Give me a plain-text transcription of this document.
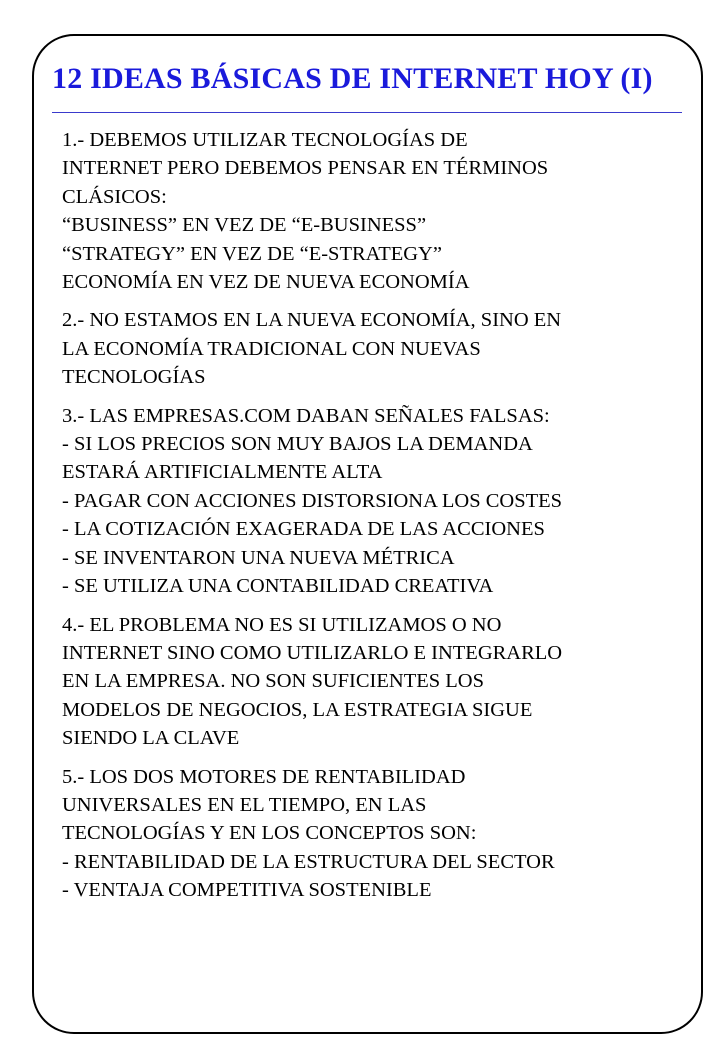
12 IDEAS BÁSICAS DE INTERNET HOY (I)
1.- DEBEMOS UTILIZAR TECNOLOGÍAS DE
INTERNET PERO DEBEMOS PENSAR EN TÉRMINOS
CLÁSICOS:
“BUSINESS” EN VEZ DE “E-BUSINESS”
“STRATEGY” EN VEZ DE “E-STRATEGY”
ECONOMÍA EN VEZ DE NUEVA ECONOMÍA
2.- NO ESTAMOS EN LA NUEVA ECONOMÍA, SINO EN
LA ECONOMÍA TRADICIONAL CON NUEVAS
TECNOLOGÍAS
3.- LAS EMPRESAS.COM DABAN SEÑALES FALSAS:
- SI LOS PRECIOS SON MUY BAJOS LA DEMANDA
ESTARÁ ARTIFICIALMENTE ALTA
- PAGAR CON ACCIONES DISTORSIONA LOS COSTES
- LA COTIZACIÓN EXAGERADA DE LAS ACCIONES
- SE INVENTARON UNA NUEVA MÉTRICA
- SE UTILIZA UNA CONTABILIDAD CREATIVA
4.- EL PROBLEMA NO ES SI UTILIZAMOS O NO
INTERNET SINO COMO UTILIZARLO E INTEGRARLO
EN LA EMPRESA. NO SON SUFICIENTES LOS
MODELOS DE NEGOCIOS, LA ESTRATEGIA SIGUE
SIENDO LA CLAVE
5.- LOS DOS MOTORES DE RENTABILIDAD
UNIVERSALES EN EL TIEMPO, EN LAS
TECNOLOGÍAS Y EN LOS CONCEPTOS SON:
- RENTABILIDAD DE LA ESTRUCTURA DEL SECTOR
- VENTAJA COMPETITIVA SOSTENIBLE
